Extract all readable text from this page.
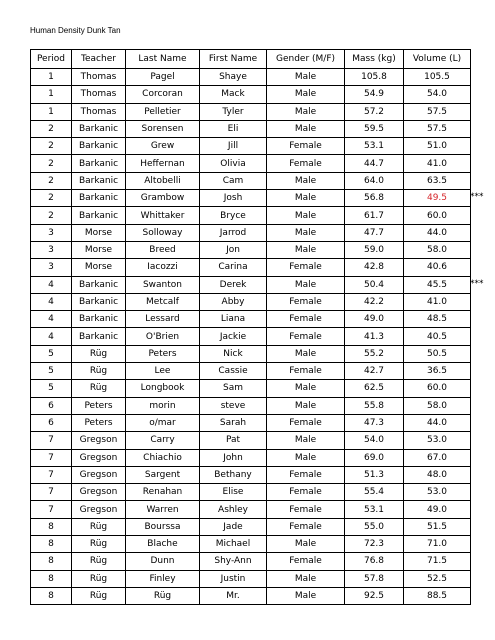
Human Density Dunk Tan
Period	Teacher	Last Name	First Name	Gender (M/F)	Mass (kg)	Volume (L)
1	Thomas	Pagel	Shaye	Male	105.8	105.5
1	Thomas	Corcoran	Mack	Male	54.9	54.0
1	Thomas	Pelletier	Tyler	Male	57.2	57.5
2	Barkanic	Sorensen	Eli	Male	59.5	57.5
2	Barkanic	Grew	Jill	Female	53.1	51.0
2	Barkanic	Heffernan	Olivia	Female	44.7	41.0
2	Barkanic	Altobelli	Cam	Male	64.0	63.5
2	Barkanic	Grambow	Josh	Male	56.8	49.5
2	Barkanic	Whittaker	Bryce	Male	61.7	60.0
3	Morse	Solloway	Jarrod	Male	47.7	44.0
3	Morse	Breed	Jon	Male	59.0	58.0
3	Morse	Iacozzi	Carina	Female	42.8	40.6
4	Barkanic	Swanton	Derek	Male	50.4	45.5
4	Barkanic	Metcalf	Abby	Female	42.2	41.0
4	Barkanic	Lessard	Liana	Female	49.0	48.5
4	Barkanic	O'Brien	Jackie	Female	41.3	40.5
5	Rüg	Peters	Nick	Male	55.2	50.5
5	Rüg	Lee	Cassie	Female	42.7	36.5
5	Rüg	Longbook	Sam	Male	62.5	60.0
6	Peters	morin	steve	Male	55.8	58.0
6	Peters	o/mar	Sarah	Female	47.3	44.0
7	Gregson	Carry	Pat	Male	54.0	53.0
7	Gregson	Chiachio	John	Male	69.0	67.0
7	Gregson	Sargent	Bethany	Female	51.3	48.0
7	Gregson	Renahan	Elise	Female	55.4	53.0
7	Gregson	Warren	Ashley	Female	53.1	49.0
8	Rüg	Bourssa	Jade	Female	55.0	51.5
8	Rüg	Blache	Michael	Male	72.3	71.0
8	Rüg	Dunn	Shy-Ann	Female	76.8	71.5
8	Rüg	Finley	Justin	Male	57.8	52.5
8	Rüg	Rüg	Mr.	Male	92.5	88.5
***
***
